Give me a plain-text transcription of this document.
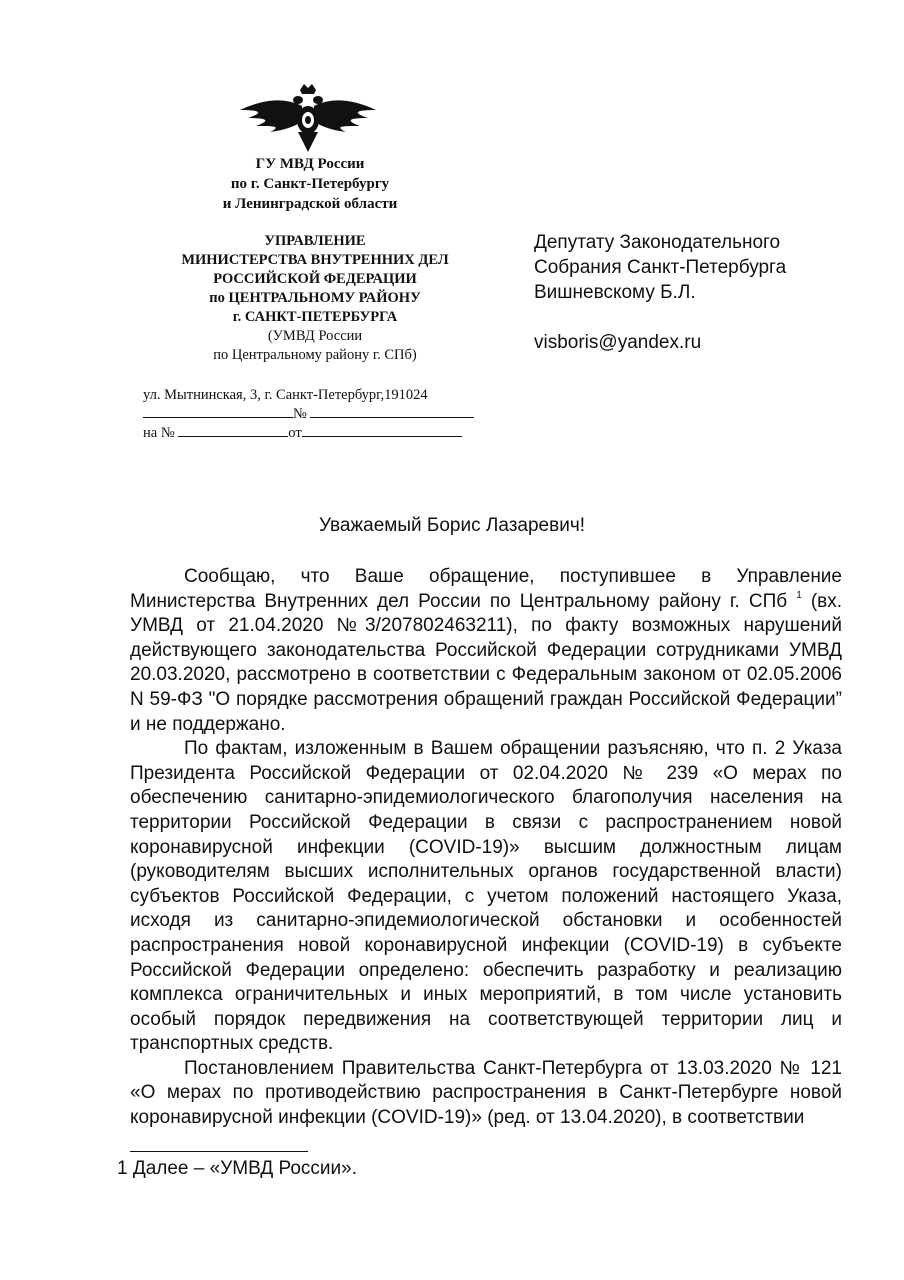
ГУ МВД России
по г. Санкт-Петербургу
и Ленинградской области
УПРАВЛЕНИЕ
МИНИСТЕРСТВА ВНУТРЕННИХ ДЕЛ
РОССИЙСКОЙ ФЕДЕРАЦИИ
по ЦЕНТРАЛЬНОМУ РАЙОНУ
г. САНКТ-ПЕТЕРБУРГА
(УМВД России
по Центральному району г. СПб)
ул. Мытнинская, 3, г. Санкт-Петербург,191024
№
на №	от
Депутату Законодательного
Собрания Санкт-Петербурга
Вишневскому Б.Л.
visboris@yandex.ru
Уважаемый Борис Лазаревич!

Сообщаю, что Ваше обращение, поступившее в Управление Министерства Внутренних дел России по Центральному району г. СПб $^1$ (вх. УМВД от 21.04.2020 №3/207802463211), по факту возможных нарушений действующего законодательства Российской Федерации сотрудниками УМВД 20.03.2020, рассмотрено в соответствии с Федеральным законом от 02.05.2006 N 59-ФЗ "О порядке рассмотрения обращений граждан Российской Федерации” и не поддержано.

По фактам, изложенным в Вашем обращении разъясняю, что п. 2 Указа Президента Российской Федерации от 02.04.2020 № 239 «О мерах по обеспечению санитарно-эпидемиологического благополучия населения на территории Российской Федерации в связи с распространением новой коронавирусной инфекции (COVID-19)» высшим должностным лицам (руководителям высших исполнительных органов государственной власти) субъектов Российской Федерации, с учетом положений настоящего Указа, исходя из санитарно-эпидемиологической обстановки и особенностей распространения новой коронавирусной инфекции (COVID-19) в субъекте Российской Федерации определено: обеспечить разработку и реализацию комплекса ограничительных и иных мероприятий, в том числе установить особый порядок передвижения на соответствующей территории лиц и транспортных средств.

Постановлением Правительства Санкт-Петербурга от 13.03.2020 № 121 «О мерах по противодействию распространения в Санкт-Петербурге новой коронавирусной инфекции (COVID-19)» (ред. от 13.04.2020), в соответствии

1 Далее – «УМВД России».
